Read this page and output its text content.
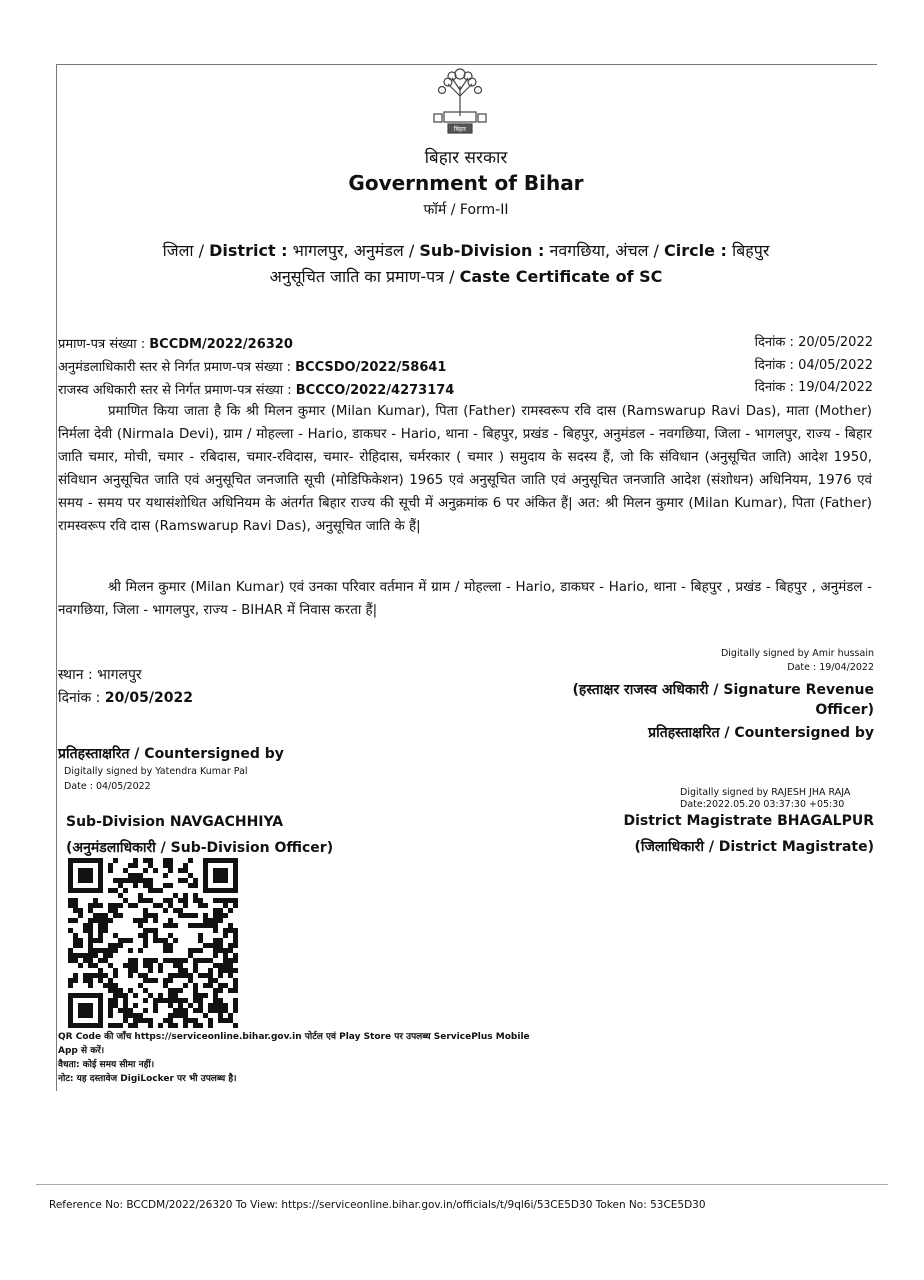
बिहार
बिहार सरकार
Government of Bihar
फॉर्म / Form-II
जिला / District : भागलपुर, अनुमंडल / Sub-Division : नवगछिया, अंचल / Circle : बिहपुर
अनुसूचित जाति का प्रमाण-पत्र / Caste Certificate of SC
प्रमाण-पत्र संख्या : BCCDM/2022/26320	दिनांक : 20/05/2022
अनुमंडलाधिकारी स्तर से निर्गत प्रमाण-पत्र संख्या : BCCSDO/2022/58641	दिनांक : 04/05/2022
राजस्व अधिकारी स्तर से निर्गत प्रमाण-पत्र संख्या : BCCCO/2022/4273174	दिनांक : 19/04/2022

प्रमाणित किया जाता है कि श्री मिलन कुमार (Milan Kumar), पिता (Father) रामस्वरूप रवि दास (Ramswarup Ravi Das), माता (Mother) निर्मला देवी (Nirmala Devi), ग्राम / मोहल्ला - Hario, डाकघर - Hario, थाना - बिहपुर, प्रखंड - बिहपुर, अनुमंडल - नवगछिया, जिला - भागलपुर, राज्य - बिहार जाति चमार, मोची, चमार - रबिदास, चमार-रविदास, चमार- रोहिदास, चर्मरकार ( चमार ) समुदाय के सदस्य हैं, जो कि संविधान (अनुसूचित जाति) आदेश 1950, संविधान अनुसूचित जाति एवं अनुसूचित जनजाति सूची (मोडिफिकेशन) 1965 एवं अनुसूचित जाति एवं अनुसूचित जनजाति आदेश (संशोधन) अधिनियम, 1976 एवं समय - समय पर यथासंशोधित अधिनियम के अंतर्गत बिहार राज्य की सूची में अनुक्रमांक 6 पर अंकित हैं| अत: श्री मिलन कुमार (Milan Kumar), पिता (Father) रामस्वरूप रवि दास (Ramswarup Ravi Das), अनुसूचित जाति के हैं|

श्री मिलन कुमार (Milan Kumar) एवं उनका परिवार वर्तमान में ग्राम / मोहल्ला - Hario, डाकघर - Hario, थाना - बिहपुर , प्रखंड - बिहपुर , अनुमंडल - नवगछिया, जिला - भागलपुर, राज्य - BIHAR में निवास करता हैं|

स्थान : भागलपुर
दिनांक : 20/05/2022
Digitally signed by Amir hussain
Date : 19/04/2022
(हस्ताक्षर राजस्व अधिकारी / Signature Revenue
Officer)
प्रतिहस्ताक्षरित / Countersigned by
प्रतिहस्ताक्षरित / Countersigned by
Digitally signed by Yatendra Kumar Pal
Date : 04/05/2022
Sub-Division NAVGACHHIYA
(अनुमंडलाधिकारी / Sub-Division Officer)
Digitally signed by RAJESH JHA RAJA
Date:2022.05.20 03:37:30 +05:30
District Magistrate BHAGALPUR
(जिलाधिकारी / District Magistrate)
QR Code की जाँच https://serviceonline.bihar.gov.in पोर्टल एवं Play Store पर उपलब्ध ServicePlus Mobile
App से करें।
वैधता: कोई समय सीमा नहीं।
नोट: यह दस्तावेज DigiLocker पर भी उपलब्ध है।
Reference No: BCCDM/2022/26320 To View: https://serviceonline.bihar.gov.in/officials/t/9ql6i/53CE5D30 Token No: 53CE5D30
